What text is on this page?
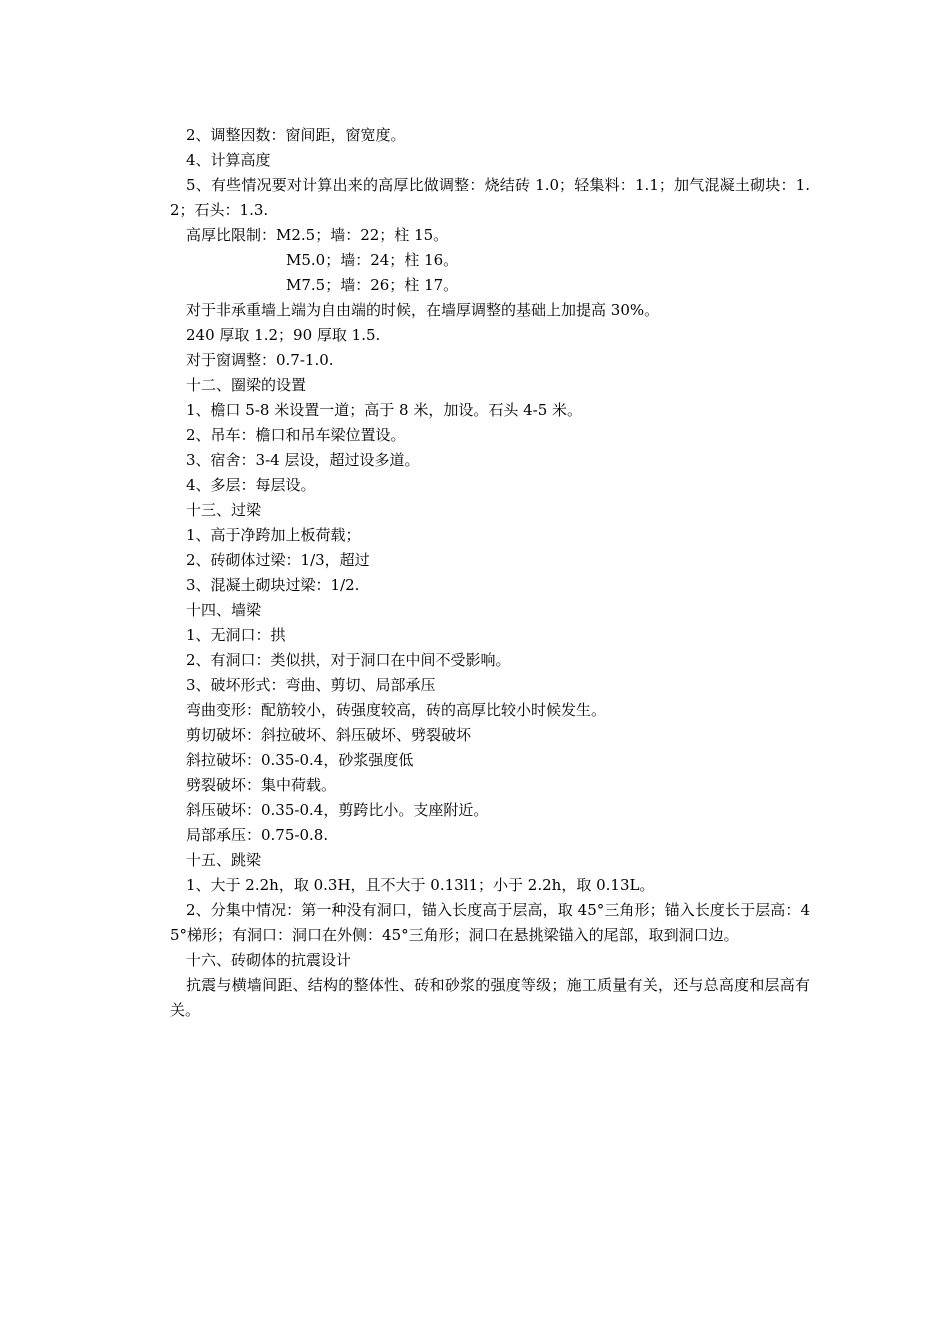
2、调整因数：窗间距，窗宽度。

4、计算高度

5、有些情况要对计算出来的高厚比做调整：烧结砖 1.0；轻集料：1.1；加气混凝土砌块：1.2；石头：1.3.

高厚比限制：M2.5；墙：22；柱 15。

M5.0；墙：24；柱 16。

M7.5；墙：26；柱 17。

对于非承重墙上端为自由端的时候，在墙厚调整的基础上加提高 30%。

240 厚取 1.2；90 厚取 1.5.

对于窗调整：0.7-1.0.

十二、圈梁的设置

1、檐口 5-8 米设置一道；高于 8 米，加设。石头 4-5 米。

2、吊车：檐口和吊车梁位置设。

3、宿舍：3-4 层设，超过设多道。

4、多层：每层设。

十三、过梁

1、高于净跨加上板荷载；

2、砖砌体过梁：1/3，超过

3、混凝土砌块过梁：1/2.

十四、墙梁

1、无洞口：拱

2、有洞口：类似拱，对于洞口在中间不受影响。

3、破坏形式：弯曲、剪切、局部承压

弯曲变形：配筋较小，砖强度较高，砖的高厚比较小时候发生。

剪切破坏：斜拉破坏、斜压破坏、劈裂破坏

斜拉破坏：0.35-0.4，砂浆强度低

劈裂破坏：集中荷载。

斜压破坏：0.35-0.4，剪跨比小。支座附近。

局部承压：0.75-0.8.

十五、跳梁

1、大于 2.2h，取 0.3H，且不大于 0.13l1；小于 2.2h，取 0.13L。

2、分集中情况：第一种没有洞口，锚入长度高于层高，取 45°三角形；锚入长度长于层高：45°梯形；有洞口：洞口在外侧：45°三角形；洞口在悬挑梁锚入的尾部，取到洞口边。

十六、砖砌体的抗震设计

抗震与横墙间距、结构的整体性、砖和砂浆的强度等级；施工质量有关，还与总高度和层高有关。
